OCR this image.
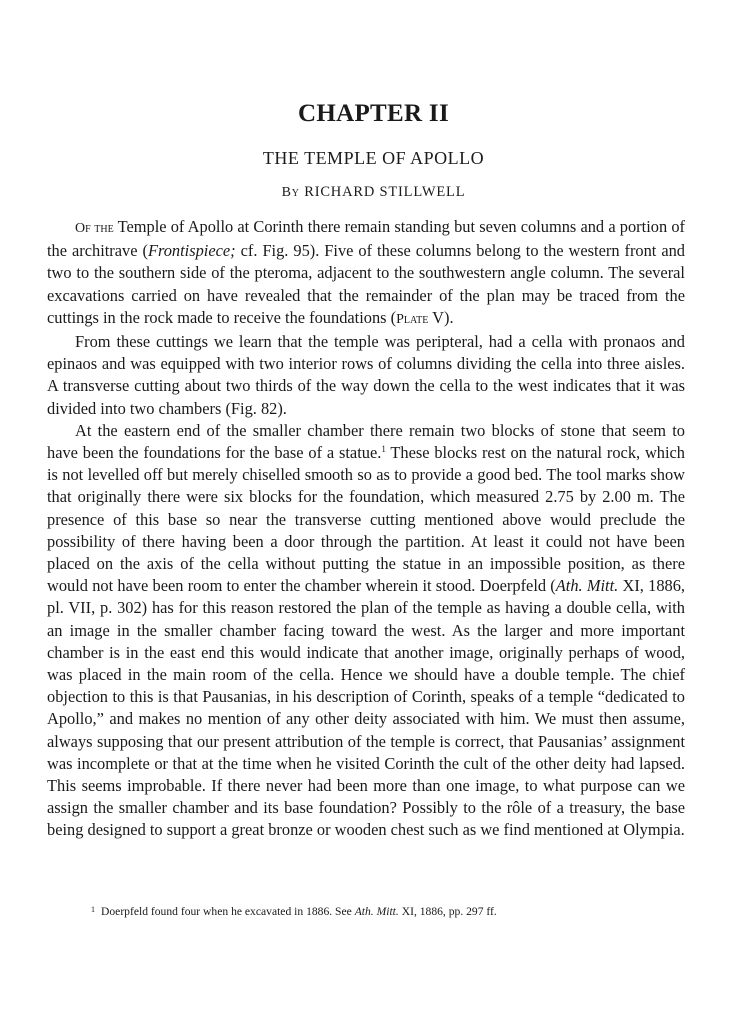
CHAPTER II
THE TEMPLE OF APOLLO
By RICHARD STILLWELL

Of the Temple of Apollo at Corinth there remain standing but seven columns and a portion of the architrave (Frontispiece; cf. Fig. 95). Five of these columns belong to the western front and two to the southern side of the pteroma, adjacent to the southwestern angle column. The several excavations carried on have revealed that the remainder of the plan may be traced from the cuttings in the rock made to receive the foundations (Plate V).

From these cuttings we learn that the temple was peripteral, had a cella with pronaos and epinaos and was equipped with two interior rows of columns dividing the cella into three aisles. A transverse cutting about two thirds of the way down the cella to the west indicates that it was divided into two chambers (Fig. 82).

At the eastern end of the smaller chamber there remain two blocks of stone that seem to have been the foundations for the base of a statue.$^1$ These blocks rest on the natural rock, which is not levelled off but merely chiselled smooth so as to provide a good bed. The tool marks show that originally there were six blocks for the foundation, which measured 2.75 by 2.00 m. The presence of this base so near the transverse cutting mentioned above would preclude the possibility of there having been a door through the partition. At least it could not have been placed on the axis of the cella without putting the statue in an impossible position, as there would not have been room to enter the chamber wherein it stood. Doerpfeld (Ath. Mitt. XI, 1886, pl. VII, p. 302) has for this reason restored the plan of the temple as having a double cella, with an image in the smaller chamber facing toward the west. As the larger and more important chamber is in the east end this would indicate that another image, originally perhaps of wood, was placed in the main room of the cella. Hence we should have a double temple. The chief objection to this is that Pausanias, in his description of Corinth, speaks of a temple “dedicated to Apollo,” and makes no mention of any other deity associated with him. We must then assume, always supposing that our present attribution of the temple is correct, that Pausanias’ assignment was incomplete or that at the time when he visited Corinth the cult of the other deity had lapsed. This seems improbable. If there never had been more than one image, to what purpose can we assign the smaller chamber and its base foundation? Possibly to the rôle of a treasury, the base being designed to support a great bronze or wooden chest such as we find mentioned at Olympia.

$^1$ Doerpfeld found four when he excavated in 1886. See Ath. Mitt. XI, 1886, pp. 297 ff.
